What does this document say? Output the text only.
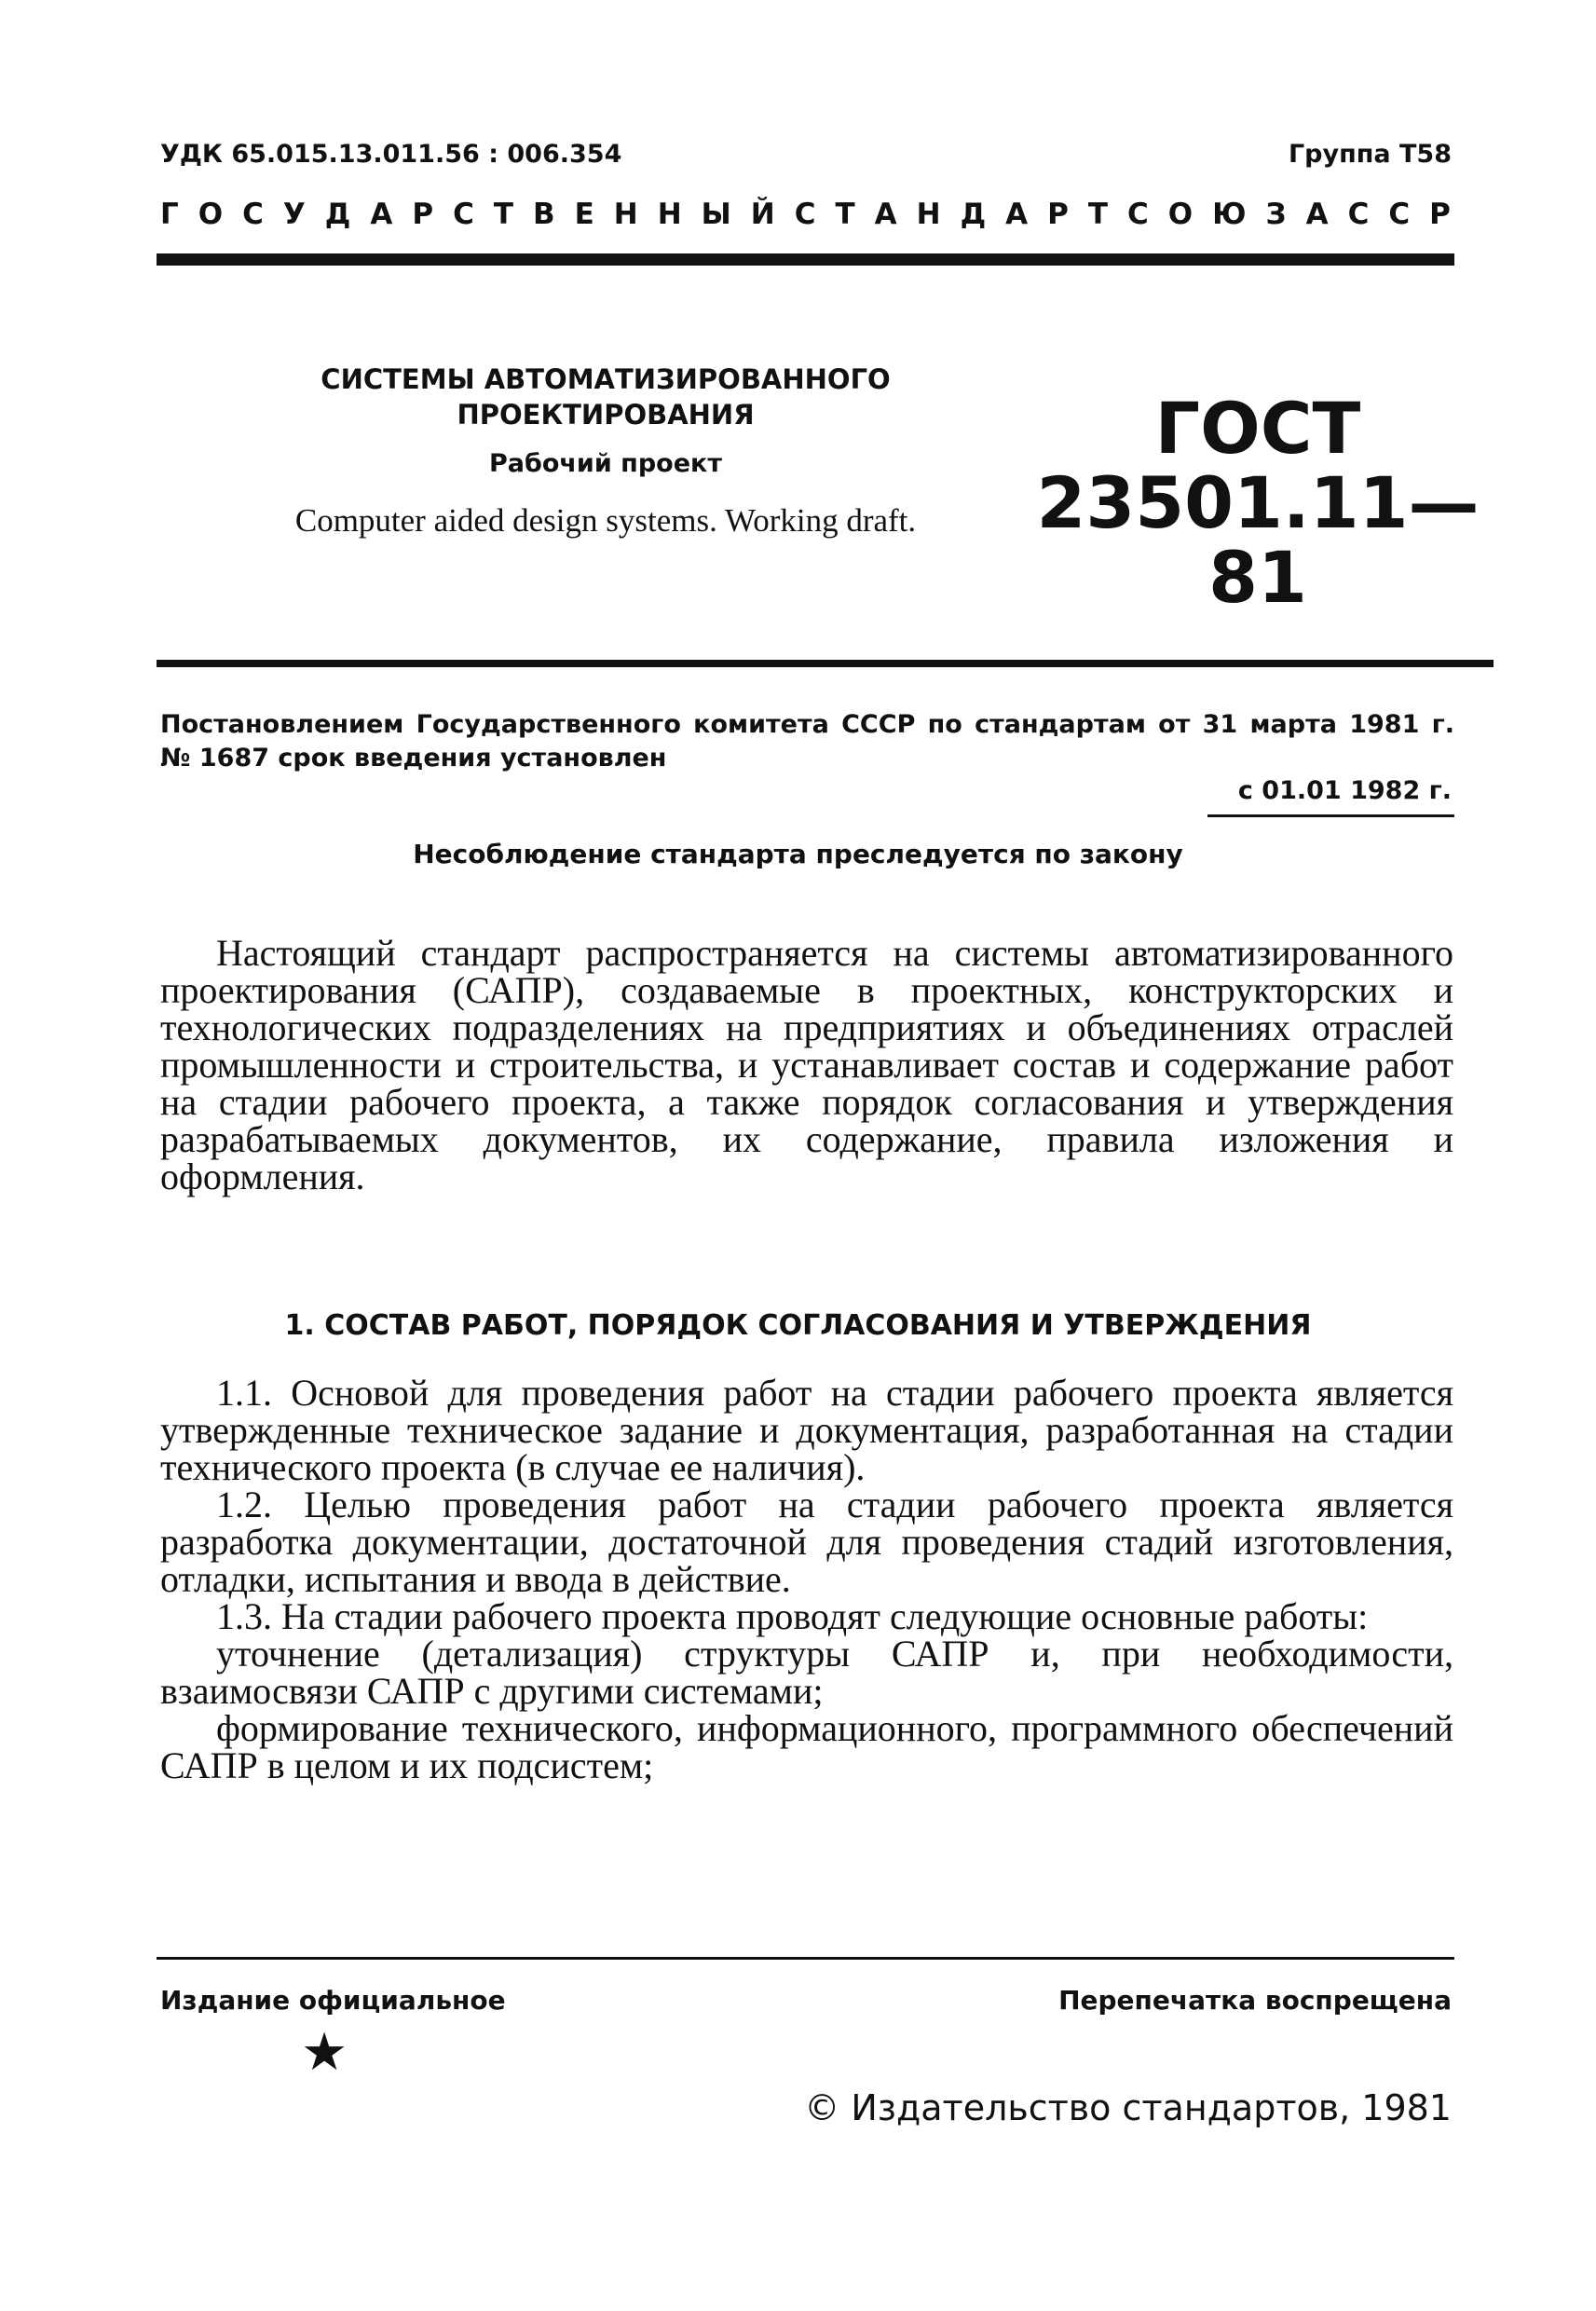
УДК 65.015.13.011.56 : 006.354	Группа Т58
ГОСУДАРСТВЕННЫЙ СТАНДАРТ СОЮЗА ССР
СИСТЕМЫ АВТОМАТИЗИРОВАННОГО
ПРОЕКТИРОВАНИЯ
Рабочий проект
Computer aided design systems. Working draft.
ГОСТ
23501.11—81
Постановлением Государственного комитета СССР по стандартам от 31 марта 1981 г. № 1687 срок введения установлен
с 01.01 1982 г.
Несоблюдение стандарта преследуется по закону

Настоящий стандарт распространяется на системы автоматизированного проектирования (САПР), создаваемые в проектных, конструкторских и технологических подразделениях на предприятиях и объединениях отраслей промышленности и строительства, и устанавливает состав и содержание работ на стадии рабочего проекта, а также порядок согласования и утверждения разрабатываемых документов, их содержание, правила изложения и оформления.

1. СОСТАВ РАБОТ, ПОРЯДОК СОГЛАСОВАНИЯ И УТВЕРЖДЕНИЯ

1.1. Основой для проведения работ на стадии рабочего проекта является утвержденные техническое задание и документация, разработанная на стадии технического проекта (в случае ее наличия).

1.2. Целью проведения работ на стадии рабочего проекта является разработка документации, достаточной для проведения стадий изготовления, отладки, испытания и ввода в действие.

1.3. На стадии рабочего проекта проводят следующие основные работы:

уточнение (детализация) структуры САПР и, при необходимости, взаимосвязи САПР с другими системами;

формирование технического, информационного, программного обеспечений САПР в целом и их подсистем;

Издание официальное	Перепечатка воспрещена
★
© Издательство стандартов, 1981
